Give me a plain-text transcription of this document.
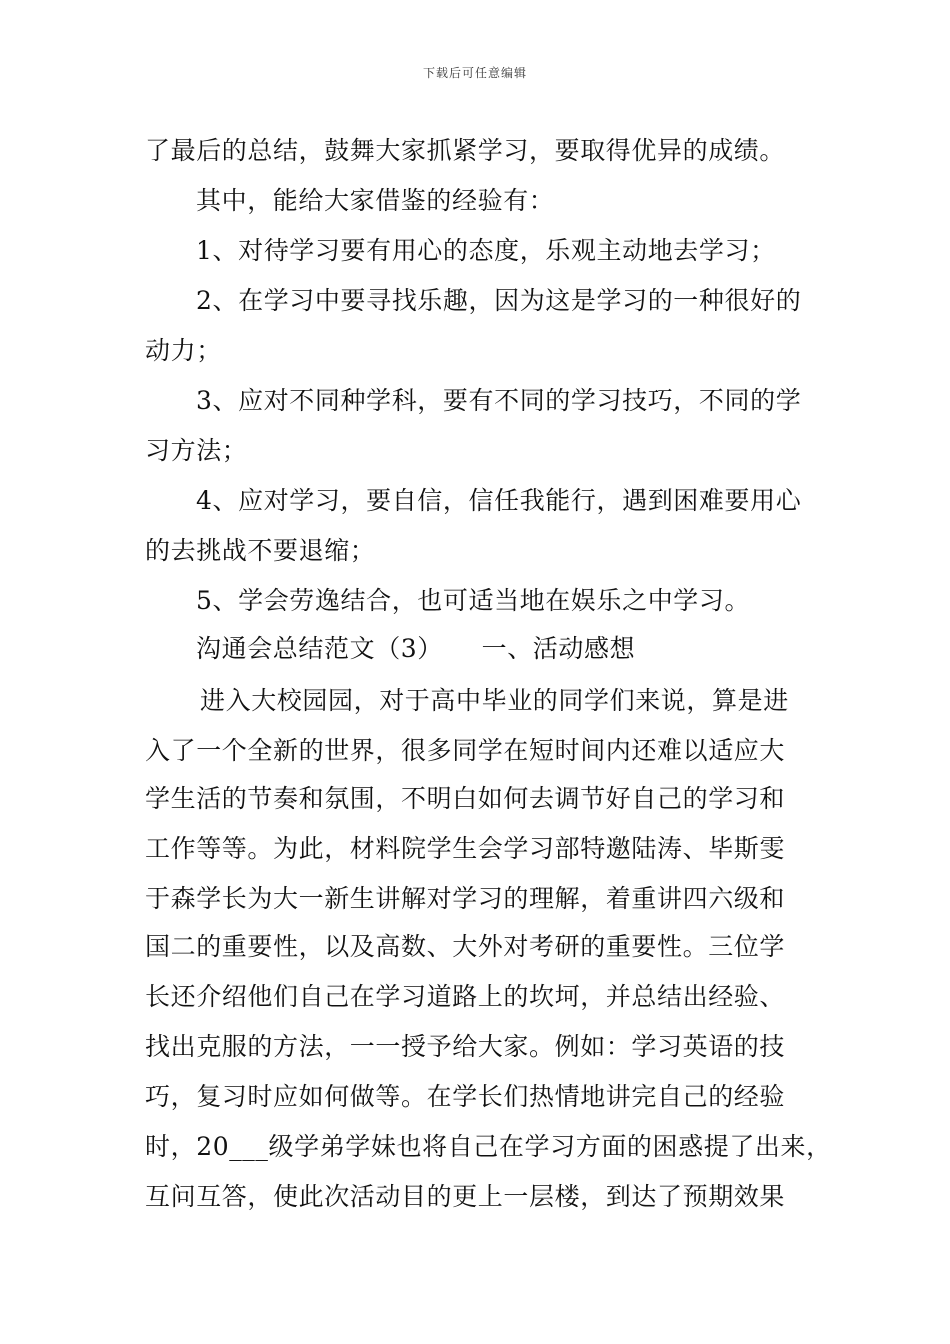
下载后可任意编辑
了最后的总结，鼓舞大家抓紧学习，要取得优异的成绩。
其中，能给大家借鉴的经验有：
1、对待学习要有用心的态度，乐观主动地去学习；
2、在学习中要寻找乐趣，因为这是学习的一种很好的
动力；
3、应对不同种学科，要有不同的学习技巧，不同的学
习方法；
4、应对学习，要自信，信任我能行，遇到困难要用心
的去挑战不要退缩；
5、学会劳逸结合，也可适当地在娱乐之中学习。
沟通会总结范文（3）　　一、活动感想
进入大校园园，对于高中毕业的同学们来说，算是进
入了一个全新的世界，很多同学在短时间内还难以适应大
学生活的节奏和氛围，不明白如何去调节好自己的学习和
工作等等。为此，材料院学生会学习部特邀陆涛、毕斯雯
于森学长为大一新生讲解对学习的理解，着重讲四六级和
国二的重要性，以及高数、大外对考研的重要性。三位学
长还介绍他们自己在学习道路上的坎坷，并总结出经验、
找出克服的方法，一一授予给大家。例如：学习英语的技
巧，复习时应如何做等。在学长们热情地讲完自己的经验
时，20___级学弟学妹也将自己在学习方面的困惑提了出来，
互问互答，使此次活动目的更上一层楼，到达了预期效果
